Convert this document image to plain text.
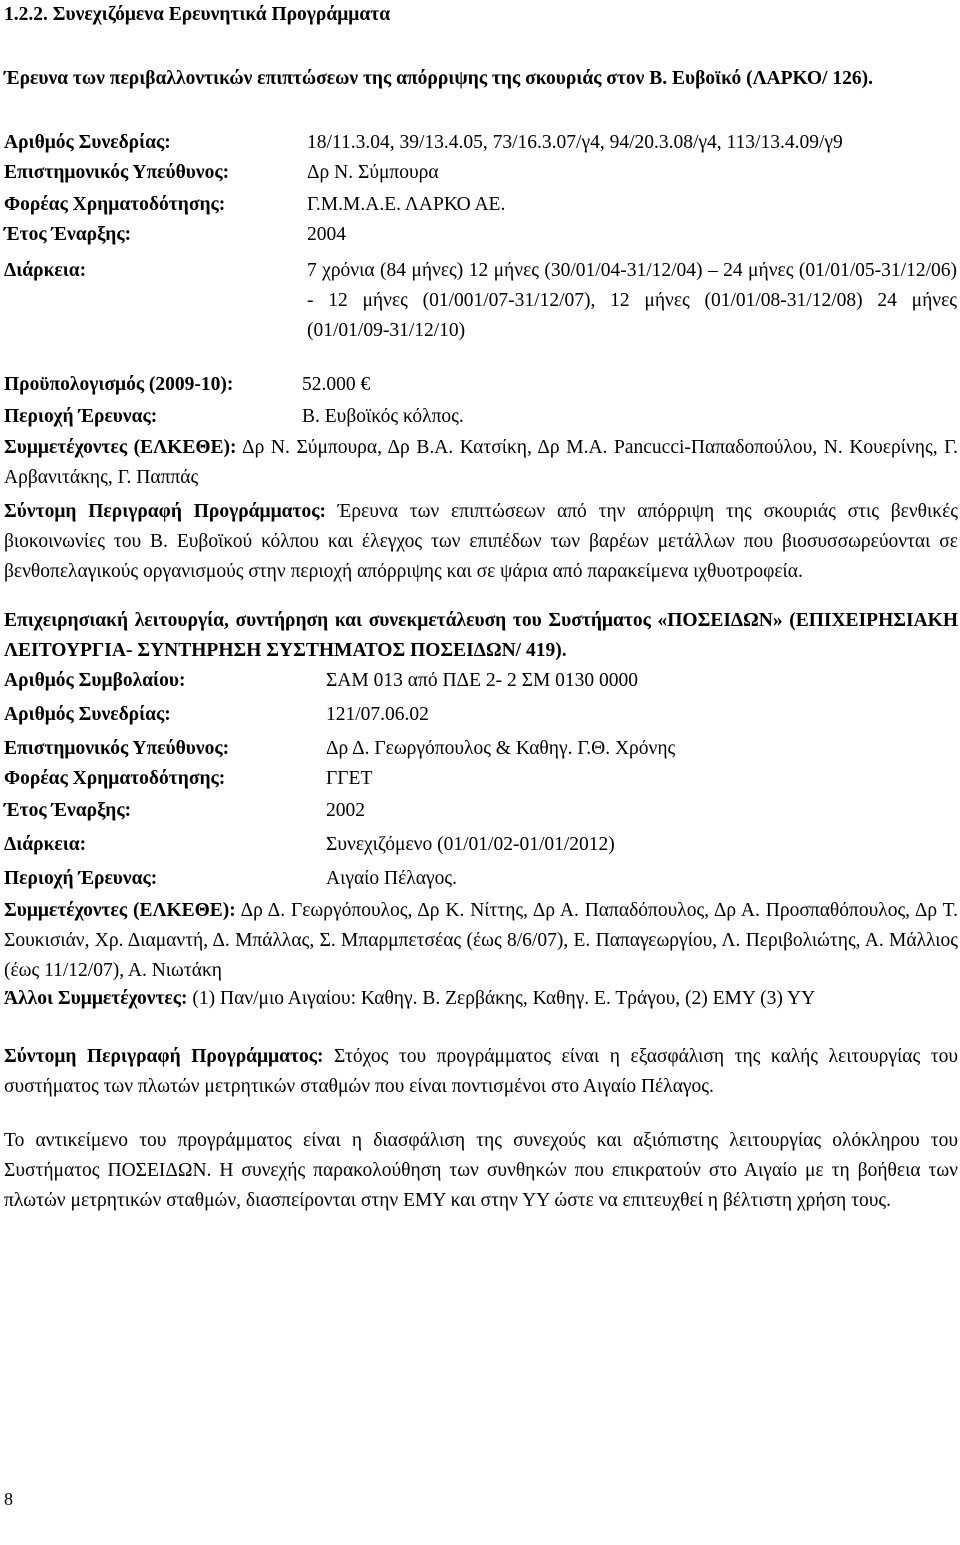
1.2.2. Συνεχιζόμενα Ερευνητικά Προγράμματα
Έρευνα των περιβαλλοντικών επιπτώσεων της απόρριψης της σκουριάς στον Β. Ευβοϊκό (ΛΑΡΚΟ/ 126).
Αριθμός Συνεδρίας:	18/11.3.04, 39/13.4.05, 73/16.3.07/γ4, 94/20.3.08/γ4, 113/13.4.09/γ9
Επιστημονικός Υπεύθυνος:	Δρ Ν. Σύμπουρα
Φορέας Χρηματοδότησης:	Γ.Μ.Μ.Α.Ε. ΛΑΡΚΟ ΑΕ.
Έτος Έναρξης:	2004
Διάρκεια:	7 χρόνια (84 μήνες) 12 μήνες (30/01/04-31/12/04) – 24 μήνες (01/01/05-31/12/06) - 12 μήνες (01/001/07-31/12/07), 12 μήνες (01/01/08-31/12/08) 24 μήνες (01/01/09-31/12/10)
Προϋπολογισμός (2009-10):	52.000 €
Περιοχή Έρευνας:	Β. Ευβοϊκός κόλπος.
Συμμετέχοντες (ΕΛΚΕΘΕ): Δρ Ν. Σύμπουρα, Δρ Β.Α. Κατσίκη, Δρ Μ.Α. Pancucci-Παπαδοπούλου, Ν. Κουερίνης, Γ. Αρβανιτάκης, Γ. Παππάς
Σύντομη Περιγραφή Προγράμματος: Έρευνα των επιπτώσεων από την απόρριψη της σκουριάς στις βενθικές βιοκοινωνίες του Β. Ευβοϊκού κόλπου και έλεγχος των επιπέδων των βαρέων μετάλλων που βιοσυσσωρεύονται σε βενθοπελαγικούς οργανισμούς στην περιοχή απόρριψης και σε ψάρια από παρακείμενα ιχθυοτροφεία.
Επιχειρησιακή λειτουργία, συντήρηση και συνεκμετάλευση του Συστήματος «ΠΟΣΕΙΔΩΝ» (ΕΠΙΧΕΙΡΗΣΙΑΚΗ ΛΕΙΤΟΥΡΓΙΑ- ΣΥΝΤΗΡΗΣΗ ΣΥΣΤΗΜΑΤΟΣ ΠΟΣΕΙΔΩΝ/ 419).
Αριθμός Συμβολαίου:	ΣΑΜ 013 από ΠΔΕ 2- 2 ΣΜ 0130 0000
Αριθμός Συνεδρίας:	121/07.06.02
Επιστημονικός Υπεύθυνος:	Δρ Δ. Γεωργόπουλος & Καθηγ. Γ.Θ. Χρόνης
Φορέας Χρηματοδότησης:	ΓΓΕΤ
Έτος Έναρξης:	2002
Διάρκεια:	Συνεχιζόμενο (01/01/02-01/01/2012)
Περιοχή Έρευνας:	Αιγαίο Πέλαγος.
Συμμετέχοντες (ΕΛΚΕΘΕ): Δρ Δ. Γεωργόπουλος, Δρ Κ. Νίττης, Δρ Α. Παπαδόπουλος, Δρ Α. Προσπαθόπουλος, Δρ Τ. Σουκισιάν, Χρ. Διαμαντή, Δ. Μπάλλας, Σ. Μπαρμπετσέας (έως 8/6/07), Ε. Παπαγεωργίου, Λ. Περιβολιώτης, Α. Μάλλιος (έως 11/12/07), Α. Νιωτάκη
Άλλοι Συμμετέχοντες: (1) Παν/μιο Αιγαίου: Καθηγ. Β. Ζερβάκης, Καθηγ. Ε. Τράγου, (2) ΕΜΥ (3) ΥΥ
Σύντομη Περιγραφή Προγράμματος: Στόχος του προγράμματος είναι η εξασφάλιση της καλής λειτουργίας του συστήματος των πλωτών μετρητικών σταθμών που είναι ποντισμένοι στο Αιγαίο Πέλαγος.
Το αντικείμενο του προγράμματος είναι η διασφάλιση της συνεχούς και αξιόπιστης λειτουργίας ολόκληρου του Συστήματος ΠΟΣΕΙΔΩΝ. Η συνεχής παρακολούθηση των συνθηκών που επικρατούν στο Αιγαίο με τη βοήθεια των πλωτών μετρητικών σταθμών, διασπείρονται στην ΕΜΥ και στην ΥΥ ώστε να επιτευχθεί η βέλτιστη χρήση τους.
8
